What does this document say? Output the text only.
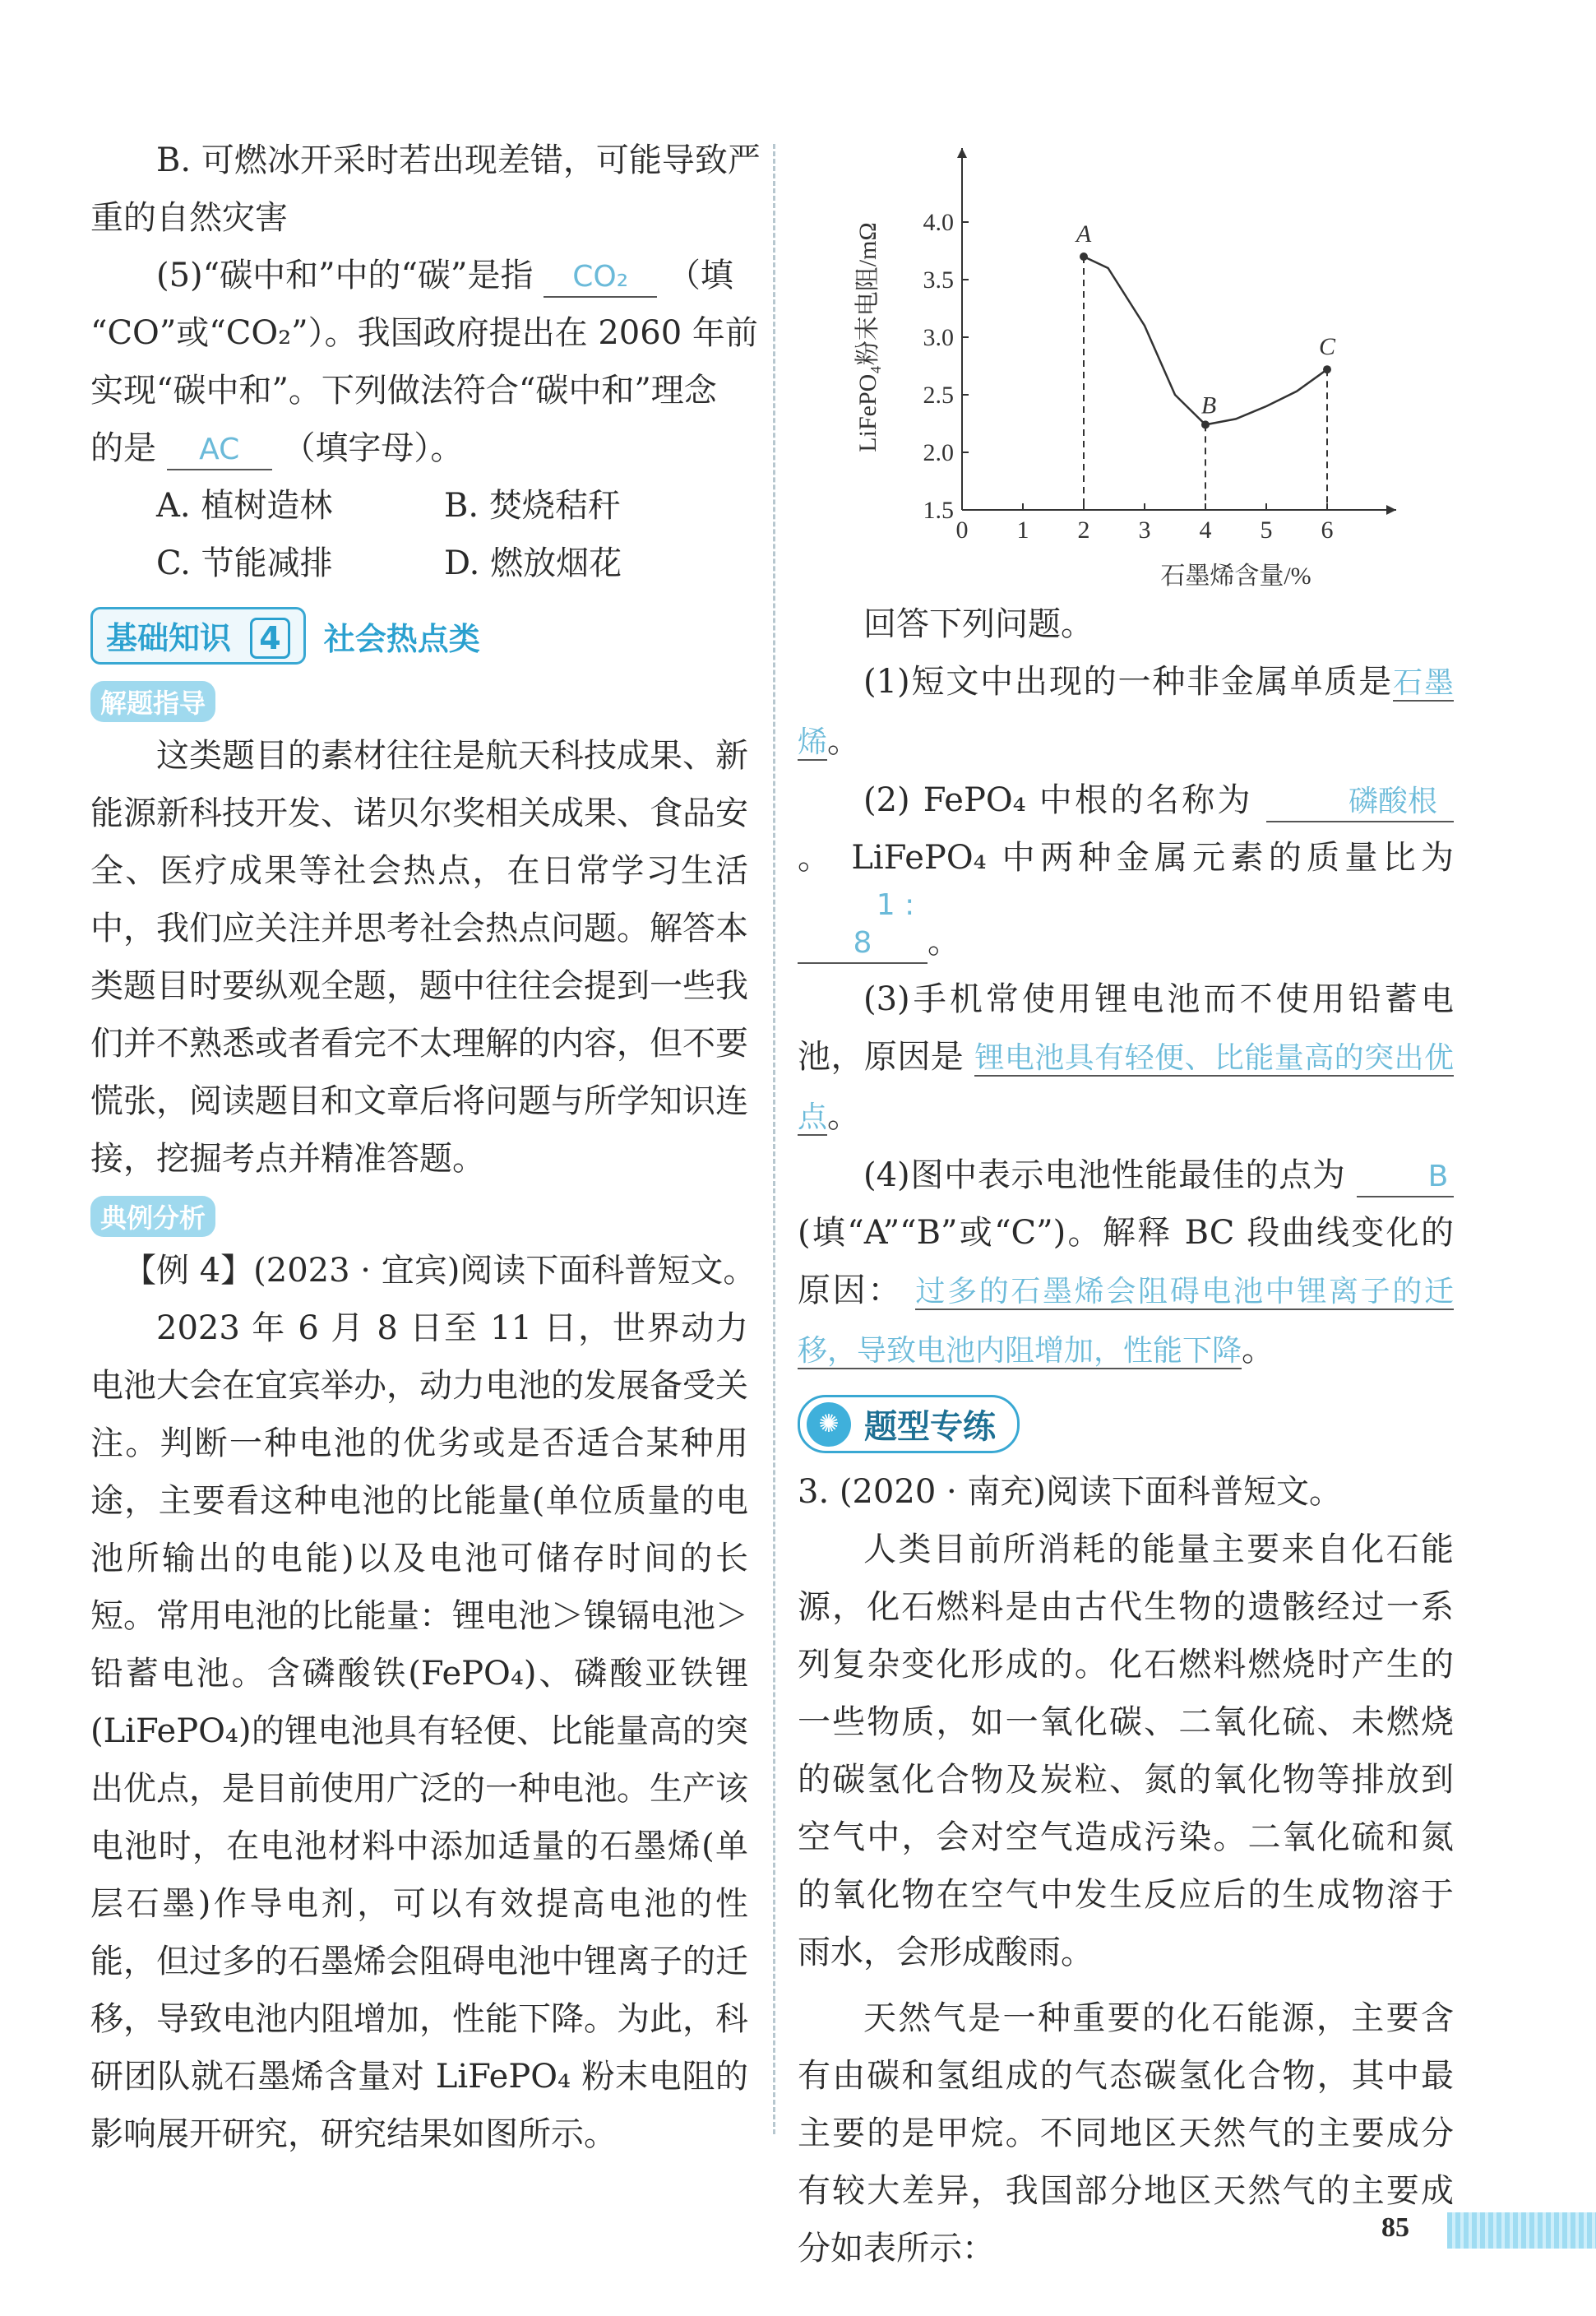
B. 可燃冰开采时若出现差错，可能导致严
重的自然灾害
(5)“碳中和”中的“碳”是指 CO₂ （填
“CO”或“CO₂”）。我国政府提出在 2060 年前
实现“碳中和”。下列做法符合“碳中和”理念
的是 AC （填字母）。
A. 植树造林	B. 焚烧秸秆
C. 节能减排	D. 燃放烟花
基础知识 4	社会热点类
解题指导

这类题目的素材往往是航天科技成果、新能源新科技开发、诺贝尔奖相关成果、食品安全、医疗成果等社会热点，在日常学习生活中，我们应关注并思考社会热点问题。解答本类题目时要纵观全题，题中往往会提到一些我们并不熟悉或者看完不太理解的内容，但不要慌张，阅读题目和文章后将问题与所学知识连接，挖掘考点并精准答题。

典例分析
【例 4】(2023 · 宜宾)阅读下面科普短文。

2023 年 6 月 8 日至 11 日，世界动力电池大会在宜宾举办，动力电池的发展备受关注。判断一种电池的优劣或是否适合某种用途，主要看这种电池的比能量(单位质量的电池所输出的电能)以及电池可储存时间的长短。常用电池的比能量：锂电池＞镍镉电池＞铅蓄电池。含磷酸铁(FePO₄)、磷酸亚铁锂(LiFePO₄)的锂电池具有轻便、比能量高的突出优点，是目前使用广泛的一种电池。生产该电池时，在电池材料中添加适量的石墨烯(单层石墨)作导电剂，可以有效提高电池的性能，但过多的石墨烯会阻碍电池中锂离子的迁移，导致电池内阻增加，性能下降。为此，科研团队就石墨烯含量对 LiFePO₄ 粉末电阻的影响展开研究，研究结果如图所示。

0 1 2 3 4 5 6
1.5
2.0
2.5
3.0
3.5
4.0
石墨烯含量/%
LiFePO₄粉末电阻/mΩ	A
B
C
回答下列问题。

(1)短文中出现的一种非金属单质是石墨烯。

(2) FePO₄ 中根的名称为	磷酸根。 LiFePO₄ 中两种金属元素的质量比为 1 : 8 。

(3)手机常使用锂电池而不使用铅蓄电池，原因是 锂电池具有轻便、比能量高的突出优点。

(4)图中表示电池性能最佳的点为	B (填“A”“B”或“C”)。解释 BC 段曲线变化的原因： 过多的石墨烯会阻碍电池中锂离子的迁移，导致电池内阻增加，性能下降。

✺ 题型专练
3. (2020 · 南充)阅读下面科普短文。

人类目前所消耗的能量主要来自化石能源，化石燃料是由古代生物的遗骸经过一系列复杂变化形成的。化石燃料燃烧时产生的一些物质，如一氧化碳、二氧化硫、未燃烧的碳氢化合物及炭粒、氮的氧化物等排放到空气中，会对空气造成污染。二氧化硫和氮的氧化物在空气中发生反应后的生成物溶于雨水，会形成酸雨。

天然气是一种重要的化石能源，主要含有由碳和氢组成的气态碳氢化合物，其中最主要的是甲烷。不同地区天然气的主要成分有较大差异，我国部分地区天然气的主要成分如表所示：

85
